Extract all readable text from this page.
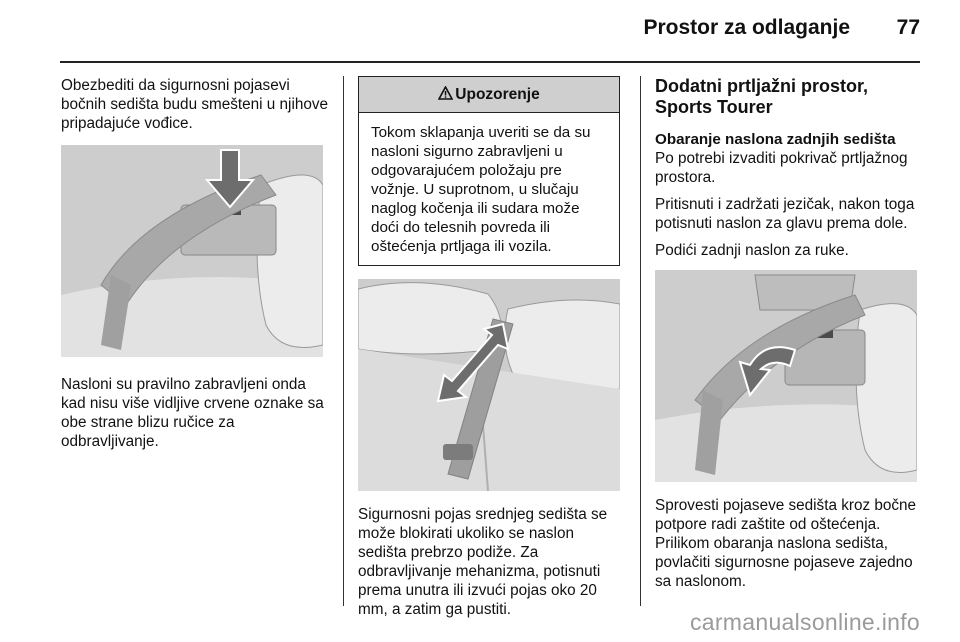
Prostor za odlaganje 77

Obezbediti da sigurnosni pojasevi bočnih sedišta budu smešteni u njihove pripadajuće vođice.

Nasloni su pravilno zabravljeni onda kad nisu više vidljive crvene oznake sa obe strane blizu ručice za odbravljivanje.

Upozorenje
Tokom sklapanja uveriti se da su nasloni sigurno zabravljeni u odgovarajućem položaju pre vožnje. U suprotnom, u slučaju naglog kočenja ili sudara može doći do telesnih povreda ili oštećenja prtljaga ili vozila.

Sigurnosni pojas srednjeg sedišta se može blokirati ukoliko se naslon sedišta prebrzo podiže. Za odbravljivanje mehanizma, potisnuti prema unutra ili izvući pojas oko 20 mm, a zatim ga pustiti.

Dodatni prtljažni prostor, Sports Tourer
Obaranje naslona zadnjih sedišta

Po potrebi izvaditi pokrivač prtljažnog prostora.

Pritisnuti i zadržati jezičak, nakon toga potisnuti naslon za glavu prema dole.

Podići zadnji naslon za ruke.

Sprovesti pojaseve sedišta kroz bočne potpore radi zaštite od oštećenja. Prilikom obaranja naslona sedišta, povlačiti sigurnosne pojaseve zajedno sa naslonom.

carmanualsonline.info
